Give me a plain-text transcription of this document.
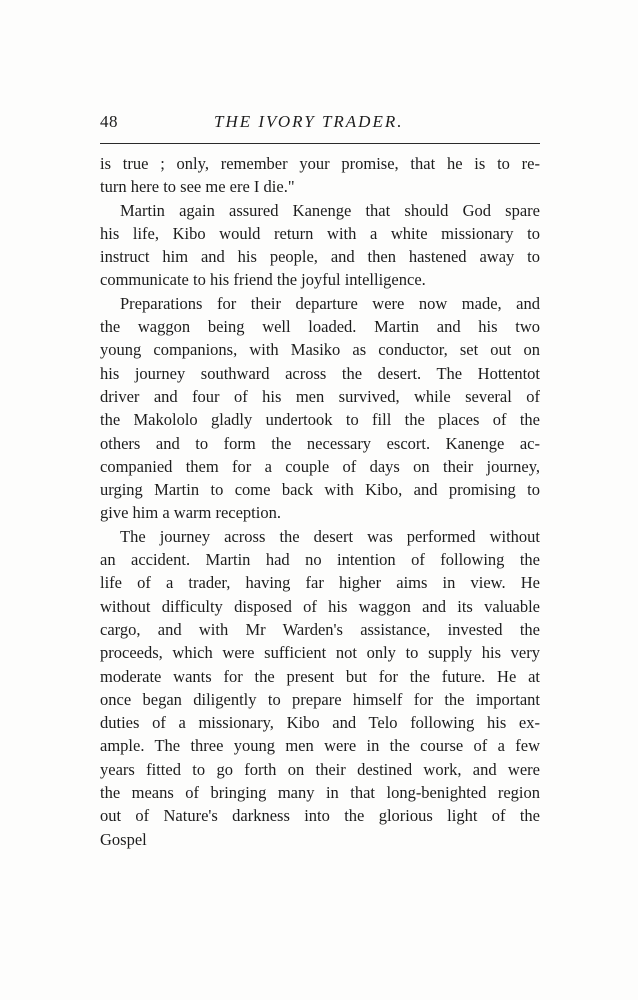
48	THE IVORY TRADER.
is true ; only, remember your promise, that he is to re-
turn here to see me ere I die."
Martin again assured Kanenge that should God spare
his life, Kibo would return with a white missionary to
instruct him and his people, and then hastened away to
communicate to his friend the joyful intelligence.
Preparations for their departure were now made, and
the waggon being well loaded. Martin and his two
young companions, with Masiko as conductor, set out on
his journey southward across the desert. The Hottentot
driver and four of his men survived, while several of
the Makololo gladly undertook to fill the places of the
others and to form the necessary escort. Kanenge ac-
companied them for a couple of days on their journey,
urging Martin to come back with Kibo, and promising to
give him a warm reception.
The journey across the desert was performed without
an accident. Martin had no intention of following the
life of a trader, having far higher aims in view. He
without difficulty disposed of his waggon and its valuable
cargo, and with Mr Warden's assistance, invested the
proceeds, which were sufficient not only to supply his very
moderate wants for the present but for the future. He at
once began diligently to prepare himself for the important
duties of a missionary, Kibo and Telo following his ex-
ample. The three young men were in the course of a few
years fitted to go forth on their destined work, and were
the means of bringing many in that long-benighted region
out of Nature's darkness into the glorious light of the
Gospel
